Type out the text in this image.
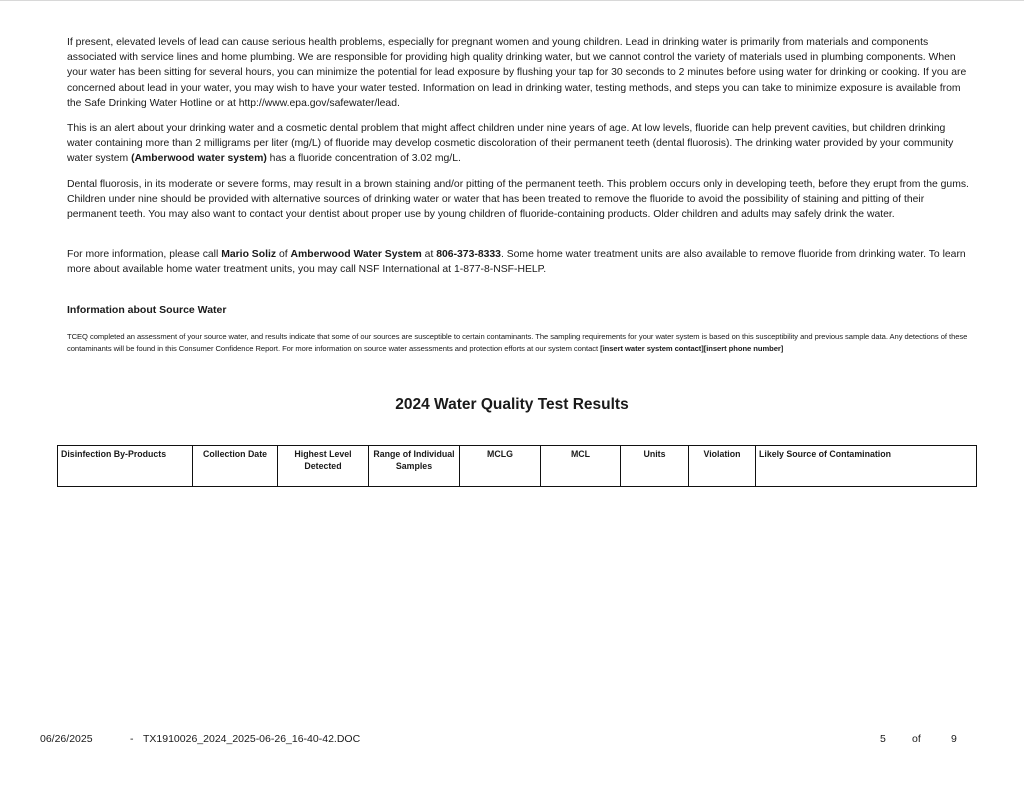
If present, elevated levels of lead can cause serious health problems, especially for pregnant women and young children. Lead in drinking water is primarily from materials and components associated with service lines and home plumbing. We are responsible for providing high quality drinking water, but we cannot control the variety of materials used in plumbing components. When your water has been sitting for several hours, you can minimize the potential for lead exposure by flushing your tap for 30 seconds to 2 minutes before using water for drinking or cooking. If you are concerned about lead in your water, you may wish to have your water tested. Information on lead in drinking water, testing methods, and steps you can take to minimize exposure is available from the Safe Drinking Water Hotline or at http://www.epa.gov/safewater/lead.

This is an alert about your drinking water and a cosmetic dental problem that might affect children under nine years of age. At low levels, fluoride can help prevent cavities, but children drinking water containing more than 2 milligrams per liter (mg/L) of fluoride may develop cosmetic discoloration of their permanent teeth (dental fluorosis). The drinking water provided by your community water system (Amberwood water system) has a fluoride concentration of 3.02 mg/L.

Dental fluorosis, in its moderate or severe forms, may result in a brown staining and/or pitting of the permanent teeth. This problem occurs only in developing teeth, before they erupt from the gums. Children under nine should be provided with alternative sources of drinking water or water that has been treated to remove the fluoride to avoid the possibility of staining and pitting of their permanent teeth. You may also want to contact your dentist about proper use by young children of fluoride-containing products. Older children and adults may safely drink the water.

For more information, please call Mario Soliz of Amberwood Water System at 806-373-8333. Some home water treatment units are also available to remove fluoride from drinking water. To learn more about available home water treatment units, you may call NSF International at 1-877-8-NSF-HELP.

Information about Source Water

TCEQ completed an assessment of your source water, and results indicate that some of our sources are susceptible to certain contaminants. The sampling requirements for your water system is based on this susceptibility and previous sample data. Any detections of these contaminants will be found in this Consumer Confidence Report. For more information on source water assessments and protection efforts at our system contact [insert water system contact][insert phone number]

2024 Water Quality Test Results
Disinfection By-Products	Collection Date	Highest Level Detected	Range of Individual Samples	MCLG	MCL	Units	Violation	Likely Source of Contamination
06/26/2025	- TX1910026_2024_2025-06-26_16-40-42.DOC	5 of	9
